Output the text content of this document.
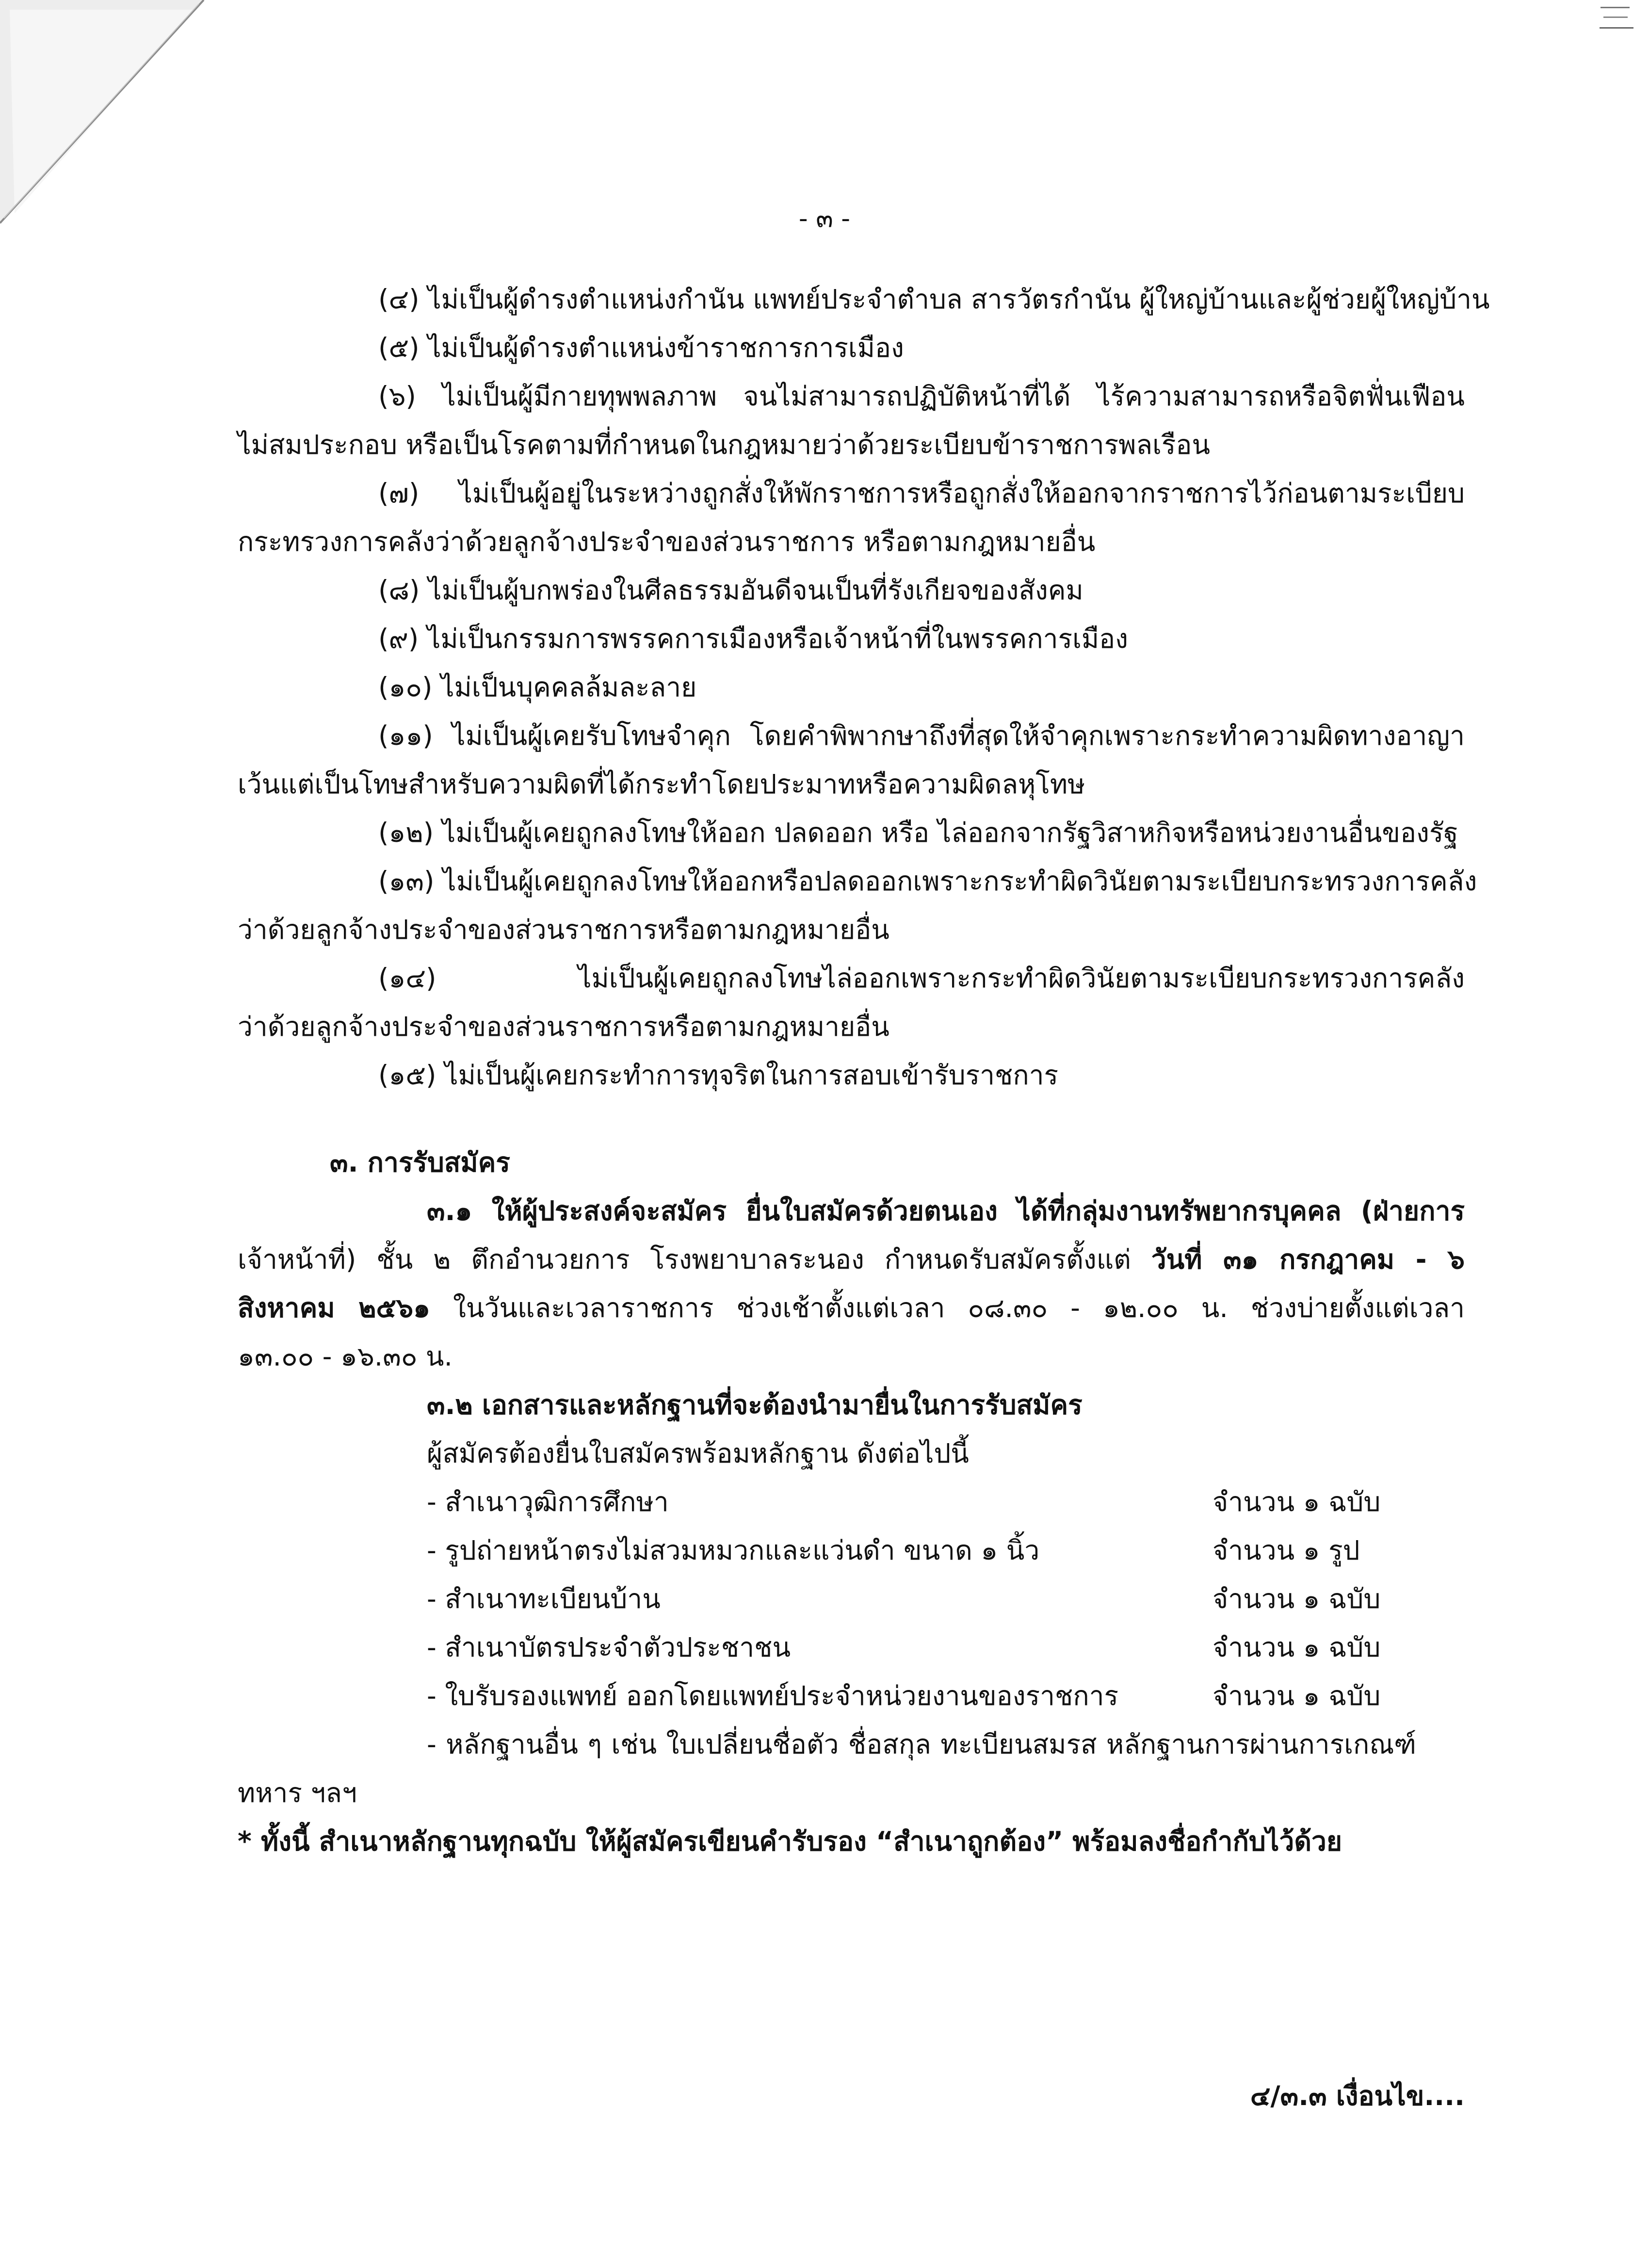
- ๓ -
(๔) ไม่เป็นผู้ดำรงตำแหน่งกำนัน แพทย์ประจำตำบล สารวัตรกำนัน ผู้ใหญ่บ้านและผู้ช่วยผู้ใหญ่บ้าน
(๕) ไม่เป็นผู้ดำรงตำแหน่งข้าราชการการเมือง
(๖) ไม่เป็นผู้มีกายทุพพลภาพ จนไม่สามารถปฏิบัติหน้าที่ได้ ไร้ความสามารถหรือจิตฟั่นเฟือน
ไม่สมประกอบ หรือเป็นโรคตามที่กำหนดในกฎหมายว่าด้วยระเบียบข้าราชการพลเรือน
(๗) ไม่เป็นผู้อยู่ในระหว่างถูกสั่งให้พักราชการหรือถูกสั่งให้ออกจากราชการไว้ก่อนตามระเบียบ
กระทรวงการคลังว่าด้วยลูกจ้างประจำของส่วนราชการ หรือตามกฎหมายอื่น
(๘) ไม่เป็นผู้บกพร่องในศีลธรรมอันดีจนเป็นที่รังเกียจของสังคม
(๙) ไม่เป็นกรรมการพรรคการเมืองหรือเจ้าหน้าที่ในพรรคการเมือง
(๑๐) ไม่เป็นบุคคลล้มละลาย
(๑๑) ไม่เป็นผู้เคยรับโทษจำคุก โดยคำพิพากษาถึงที่สุดให้จำคุกเพราะกระทำความผิดทางอาญา
เว้นแต่เป็นโทษสำหรับความผิดที่ได้กระทำโดยประมาทหรือความผิดลหุโทษ
(๑๒) ไม่เป็นผู้เคยถูกลงโทษให้ออก ปลดออก หรือ ไล่ออกจากรัฐวิสาหกิจหรือหน่วยงานอื่นของรัฐ
(๑๓) ไม่เป็นผู้เคยถูกลงโทษให้ออกหรือปลดออกเพราะกระทำผิดวินัยตามระเบียบกระทรวงการคลัง
ว่าด้วยลูกจ้างประจำของส่วนราชการหรือตามกฎหมายอื่น
(๑๔) ไม่เป็นผู้เคยถูกลงโทษไล่ออกเพราะกระทำผิดวินัยตามระเบียบกระทรวงการคลัง
ว่าด้วยลูกจ้างประจำของส่วนราชการหรือตามกฎหมายอื่น
(๑๕) ไม่เป็นผู้เคยกระทำการทุจริตในการสอบเข้ารับราชการ
๓. การรับสมัคร
๓.๑ ให้ผู้ประสงค์จะสมัคร ยื่นใบสมัครด้วยตนเอง ได้ที่กลุ่มงานทรัพยากรบุคคล (ฝ่ายการ
เจ้าหน้าที่) ชั้น ๒ ตึกอำนวยการ โรงพยาบาลระนอง กำหนดรับสมัครตั้งแต่ วันที่ ๓๑ กรกฎาคม - ๖
สิงหาคม ๒๕๖๑ ในวันและเวลาราชการ ช่วงเช้าตั้งแต่เวลา ๐๘.๓๐ - ๑๒.๐๐ น. ช่วงบ่ายตั้งแต่เวลา
๑๓.๐๐ - ๑๖.๓๐ น.
๓.๒ เอกสารและหลักฐานที่จะต้องนำมายื่นในการรับสมัคร
ผู้สมัครต้องยื่นใบสมัครพร้อมหลักฐาน ดังต่อไปนี้
- สำเนาวุฒิการศึกษา	จำนวน ๑ ฉบับ
- รูปถ่ายหน้าตรงไม่สวมหมวกและแว่นดำ ขนาด ๑ นิ้ว	จำนวน ๑ รูป
- สำเนาทะเบียนบ้าน	จำนวน ๑ ฉบับ
- สำเนาบัตรประจำตัวประชาชน	จำนวน ๑ ฉบับ
- ใบรับรองแพทย์ ออกโดยแพทย์ประจำหน่วยงานของราชการ	จำนวน ๑ ฉบับ
- หลักฐานอื่น ๆ เช่น ใบเปลี่ยนชื่อตัว ชื่อสกุล ทะเบียนสมรส หลักฐานการผ่านการเกณฑ์
ทหาร ฯลฯ
* ทั้งนี้ สำเนาหลักฐานทุกฉบับ ให้ผู้สมัครเขียนคำรับรอง “สำเนาถูกต้อง” พร้อมลงชื่อกำกับไว้ด้วย
๔/๓.๓ เงื่อนไข....
